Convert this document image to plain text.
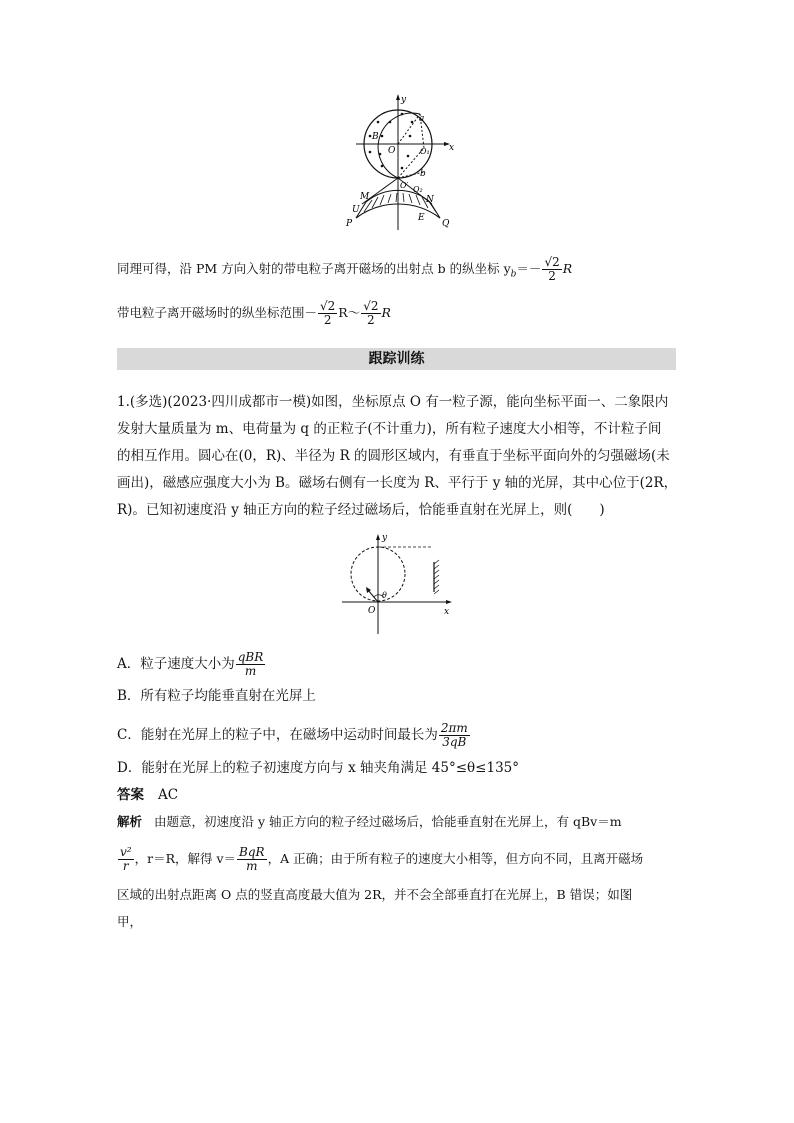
y
x
O
O′
a
b
B
O₁
O₂
M	N
U
P	Q
E
同理可得，沿 PM 方向入射的带电粒子离开磁场的出射点 b 的纵坐标 $y_b=- \frac{√2}{2}$ R
带电粒子离开磁场时的纵坐标范围－ $\frac{√2}{2}$ R～ $\frac{√2}{2}$ R
跟踪训练
1.(多选)(2023·四川成都市一模)如图，坐标原点 O 有一粒子源，能向坐标平面一、二象限内
发射大量质量为 m、电荷量为 q 的正粒子(不计重力)，所有粒子速度大小相等，不计粒子间
的相互作用。圆心在(0，R)、半径为 R 的圆形区域内，有垂直于坐标平面向外的匀强磁场(未
画出)，磁感应强度大小为 B。磁场右侧有一长度为 R、平行于 y 轴的光屏，其中心位于(2R，
R)。已知初速度沿 y 轴正方向的粒子经过磁场后，恰能垂直射在光屏上，则(　　)
y
x
O
θ
A．粒子速度大小为 $\frac{\text{qBR}}{m}$
B．所有粒子均能垂直射在光屏上
C．能射在光屏上的粒子中，在磁场中运动时间最长为 $\frac{2\pi m}{3qB}$
D．能射在光屏上的粒子初速度方向与 x 轴夹角满足 45°≤θ≤135°
答案 AC
解析 由题意，初速度沿 y 轴正方向的粒子经过磁场后，恰能垂直射在光屏上，有 qBv＝m
$\frac{\text{v²}}{r}$ ，r＝R，解得 $v= \frac{\text{BqR}}{m}$ ，A 正确；由于所有粒子的速度大小相等，但方向不同，且离开磁场
区域的出射点距离 O 点的竖直高度最大值为 2R，并不会全部垂直打在光屏上，B 错误；如图
甲，
